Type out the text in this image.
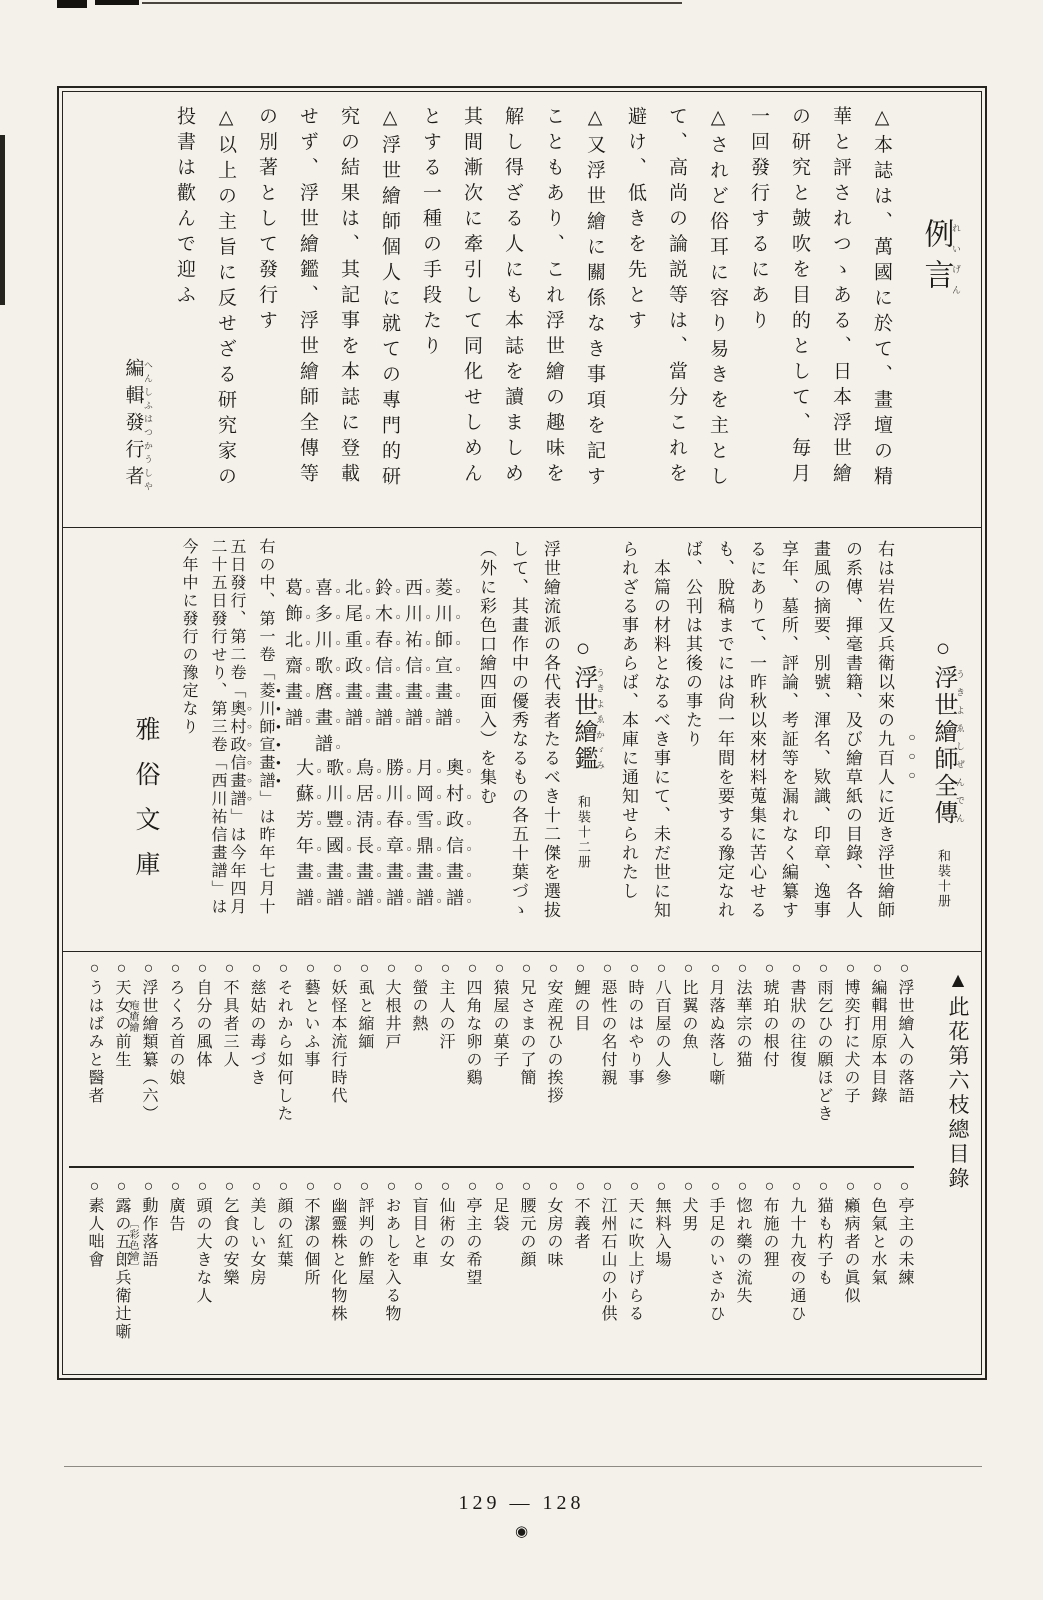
例言れいげん
△本誌は、萬國に於て、畫壇の精
華と評されつゝある、日本浮世繪
の研究と皷吹を目的として、毎月
一回發行するにあり
△されど俗耳に容り易きを主とし
て、高尚の論説等は、當分これを
避け、低きを先とす
△又浮世繪に關係なき事項を記す
こともあり、これ浮世繪の趣味を
解し得ざる人にも本誌を讀ましめ
其間漸次に牽引して同化せしめん
とする一種の手段たり
△浮世繪師個人に就ての專門的研
究の結果は、其記事を本誌に登載
せず、浮世繪鑑、浮世繪師全傳等
の別著として發行す
△以上の主旨に反せざる研究家の
投書は歡んで迎ふ
編輯發行者 へんしふはつかうしや
○浮世繪師全傳 うきよゑしぜんでん和裝十册
○○○
右は岩佐又兵衛以來の九百人に近き浮世繪師
の系傳、揮毫書籍、及び繪草紙の目錄、各人
畫風の摘要、別號、渾名、欵識、印章、逸事
享年、墓所、評論、考証等を漏れなく編纂す
るにありて、一昨秋以來材料蒐集に苦心せる
も、脫稿までには尙一年間を要する豫定なれ
ば、公刊は其後の事たり
本篇の材料となるべき事にて、未だ世に知
られざる事あらば、本庫に通知せられたし
○浮世繪鑑 うきよゑかゞみ和裝十二册
浮世繪流派の各代表者たるべき十二傑を選拔
して、其畫作中の優秀なるもの各五十葉づゝ
（外に彩色口繪四面入）を集む
菱川師宣畫譜
奧村政信畫譜
西川祐信畫譜
月岡雪鼎畫譜
鈴木春信畫譜
勝川春章畫譜
北尾重政畫譜
鳥居淸長畫譜
喜多川歌麿畫譜
歌川豐國畫譜
葛飾北齋畫譜
大蘇芳年畫譜
右の中、第一卷「菱川師宣畫譜」は昨年七月十
五日發行、第二卷「奧村政信畫譜」は今年四月
二十五日發行せり、第三卷「西川祐信畫譜」は
今年中に發行の豫定なり
雅俗文庫
○浮世繪入の落語
○編輯用原本目錄
○博奕打に犬の子
○雨乞ひの願ほどき
○書狀の往復
○琥珀の根付
○法華宗の猫
○月落ぬ落し噺
○比翼の魚
○八百屋の人參
○時のはやり事
○惡性の名付親
○鯉の目
○安産祝ひの挨拶
○兄さまの了簡
○猿屋の菓子
○四角な卵の鷄
○主人の汗
○螢の熱
○大根井戸
○虱と縮緬
○妖怪本流行時代
○藝といふ事
○それから如何した
○慈姑の毒づき
○不具者三人
○自分の風体
○ろくろ首の娘
○浮世繪類纂（六）
疱瘡繪
○天女の前生
○うはばみと醫者
○亭主の未練
○色氣と水氣
○癩病者の眞似
○猫も杓子も
○九十九夜の通ひ
○布施の狸
○惚れ藥の流失
○手足のいさかひ
○犬男
○無料入場
○天に吹上げらる
○江州石山の小供
○不義者
○女房の味
○腰元の顔
○足袋
○亭主の希望
○仙術の女
○盲目と車
○おあしを入る物
○評判の鮓屋
○幽靈株と化物株
○不潔の個所
○顔の紅葉
○美しい女房
○乞食の安樂
○頭の大きな人
○廣告
○動作落語
〔彩色繪〕
○露の五郎兵衛辻噺
○素人咄會
▲此花第六枝總目錄
129 — 128
◉
